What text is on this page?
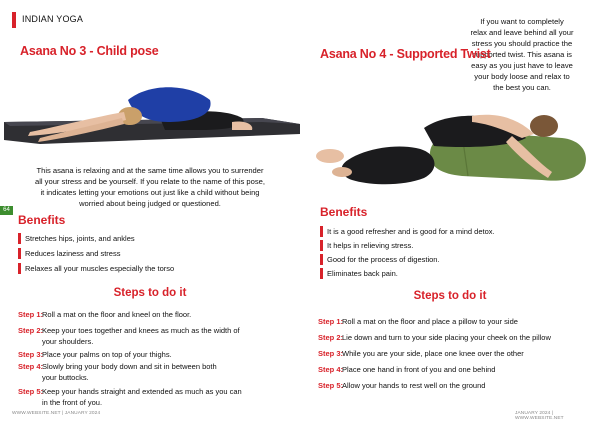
INDIAN YOGA
Asana No 3 - Child pose
This asana is relaxing and at the same time allows you to surrender
all your stress and be yourself. If you relate to the name of this pose,
it indicates letting your emotions out just like a child without being
worried about being judged or questioned.
64
Benefits
Stretches hips, joints, and ankles
Reduces laziness and stress
Relaxes all your muscles especially the torso
Steps to do it
Step 1:
Roll a mat on the floor and kneel on the floor.
Step 2:
Keep your toes together and knees as much as the width of
your shoulders.
Step 3:
Place your palms on top of your thighs.
Step 4:
Slowly bring your body down and sit in between both
your buttocks.
Step 5:
Keep your hands straight and extended as much as you can
in the front of you.
WWW.WEBSITE.NET | JANUARY 2024
If you want to completely
relax and leave behind all your
stress you should practice the
supported twist. This asana is
easy as you just have to leave
your body loose and relax to
the best you can.
Asana No 4 - Supported Twist
Benefits
It is a good refresher and is good for a mind detox.
It helps in relieving stress.
Good for the process of digestion.
Eliminates back pain.
Steps to do it
Step 1:
Roll a mat on the floor and place a pillow to your side
Step 2:
Lie down and turn to your side placing your cheek on the pillow
Step 3:
While you are your side, place one knee over the other
Step 4:
Place one hand in front of you and one behind
Step 5:
Allow your hands to rest well on the ground
JANUARY 2024 | WWW.WEBSITE.NET
